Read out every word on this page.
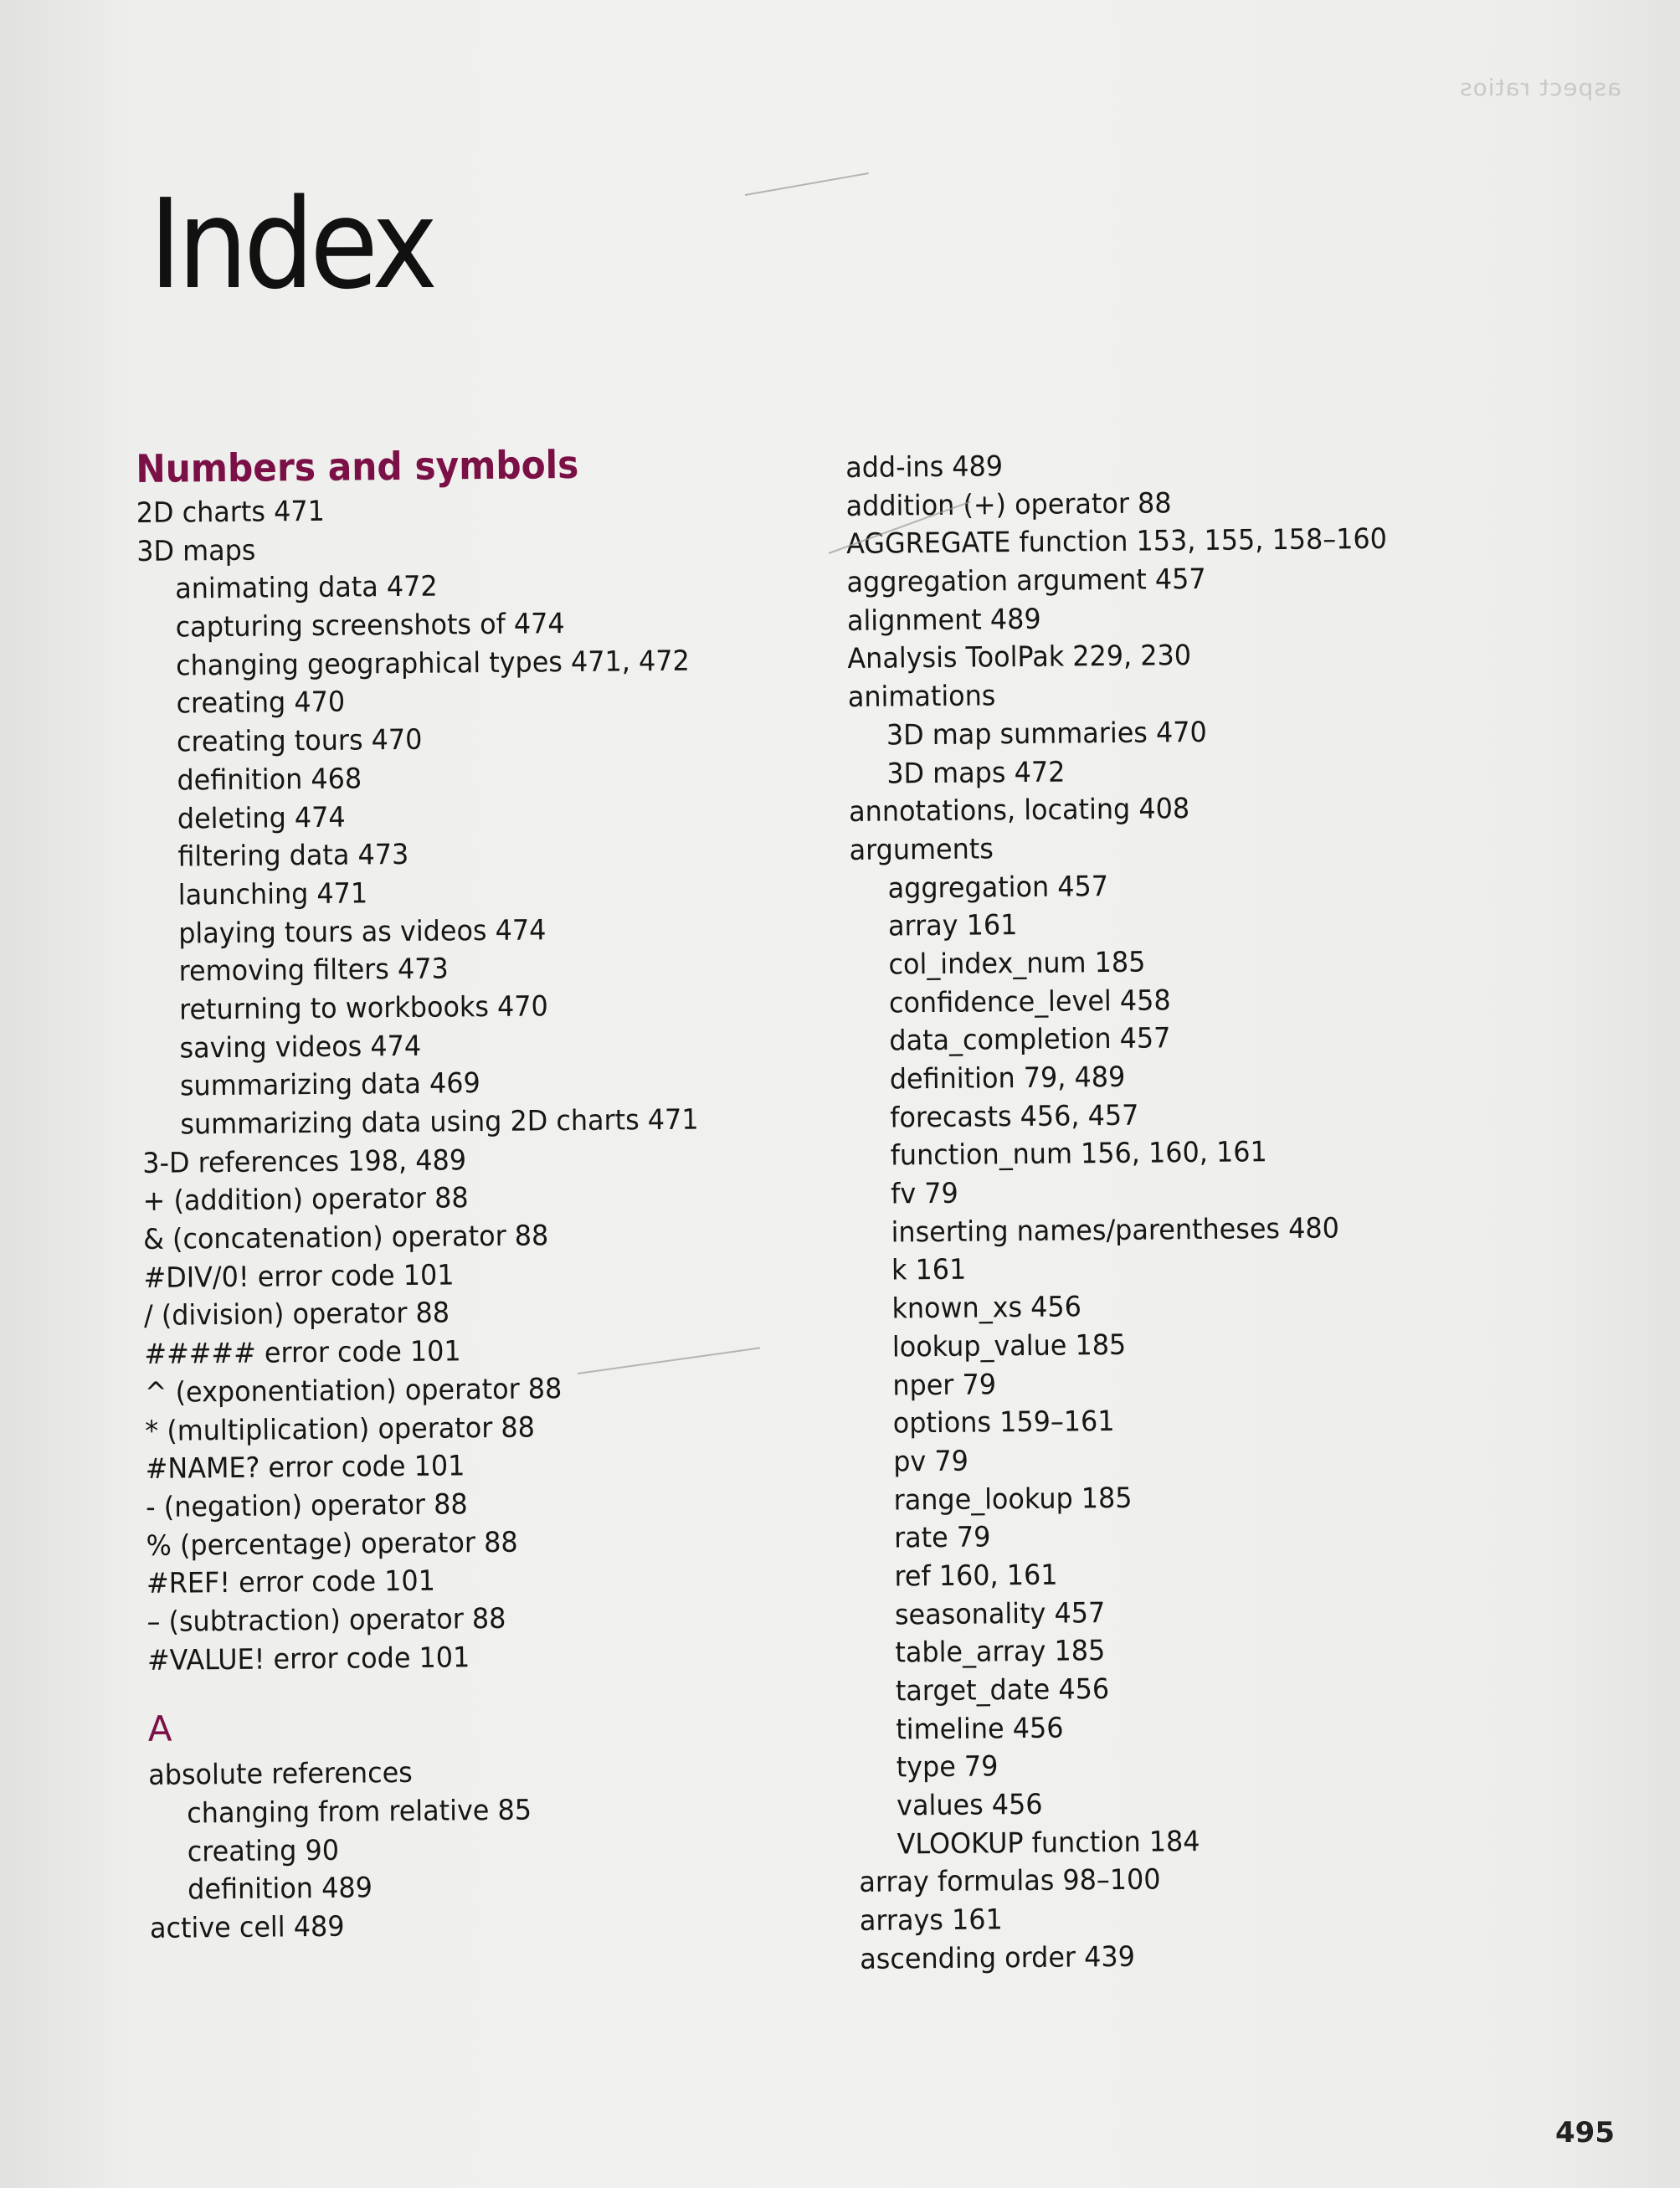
aspect ratios
Index
Numbers and symbols
2D charts 471
3D maps
animating data 472
capturing screenshots of 474
changing geographical types 471, 472
creating 470
creating tours 470
definition 468
deleting 474
filtering data 473
launching 471
playing tours as videos 474
removing filters 473
returning to workbooks 470
saving videos 474
summarizing data 469
summarizing data using 2D charts 471
3-D references 198, 489
+ (addition) operator 88
& (concatenation) operator 88
#DIV/0! error code 101
/ (division) operator 88
##### error code 101
^ (exponentiation) operator 88
* (multiplication) operator 88
#NAME? error code 101
- (negation) operator 88
% (percentage) operator 88
#REF! error code 101
– (subtraction) operator 88
#VALUE! error code 101
A
absolute references
changing from relative 85
creating 90
definition 489
active cell 489
add-ins 489
addition (+) operator 88
AGGREGATE function 153, 155, 158–160
aggregation argument 457
alignment 489
Analysis ToolPak 229, 230
animations
3D map summaries 470
3D maps 472
annotations, locating 408
arguments
aggregation 457
array 161
col_index_num 185
confidence_level 458
data_completion 457
definition 79, 489
forecasts 456, 457
function_num 156, 160, 161
fv 79
inserting names/parentheses 480
k 161
known_xs 456
lookup_value 185
nper 79
options 159–161
pv 79
range_lookup 185
rate 79
ref 160, 161
seasonality 457
table_array 185
target_date 456
timeline 456
type 79
values 456
VLOOKUP function 184
array formulas 98–100
arrays 161
ascending order 439
495
